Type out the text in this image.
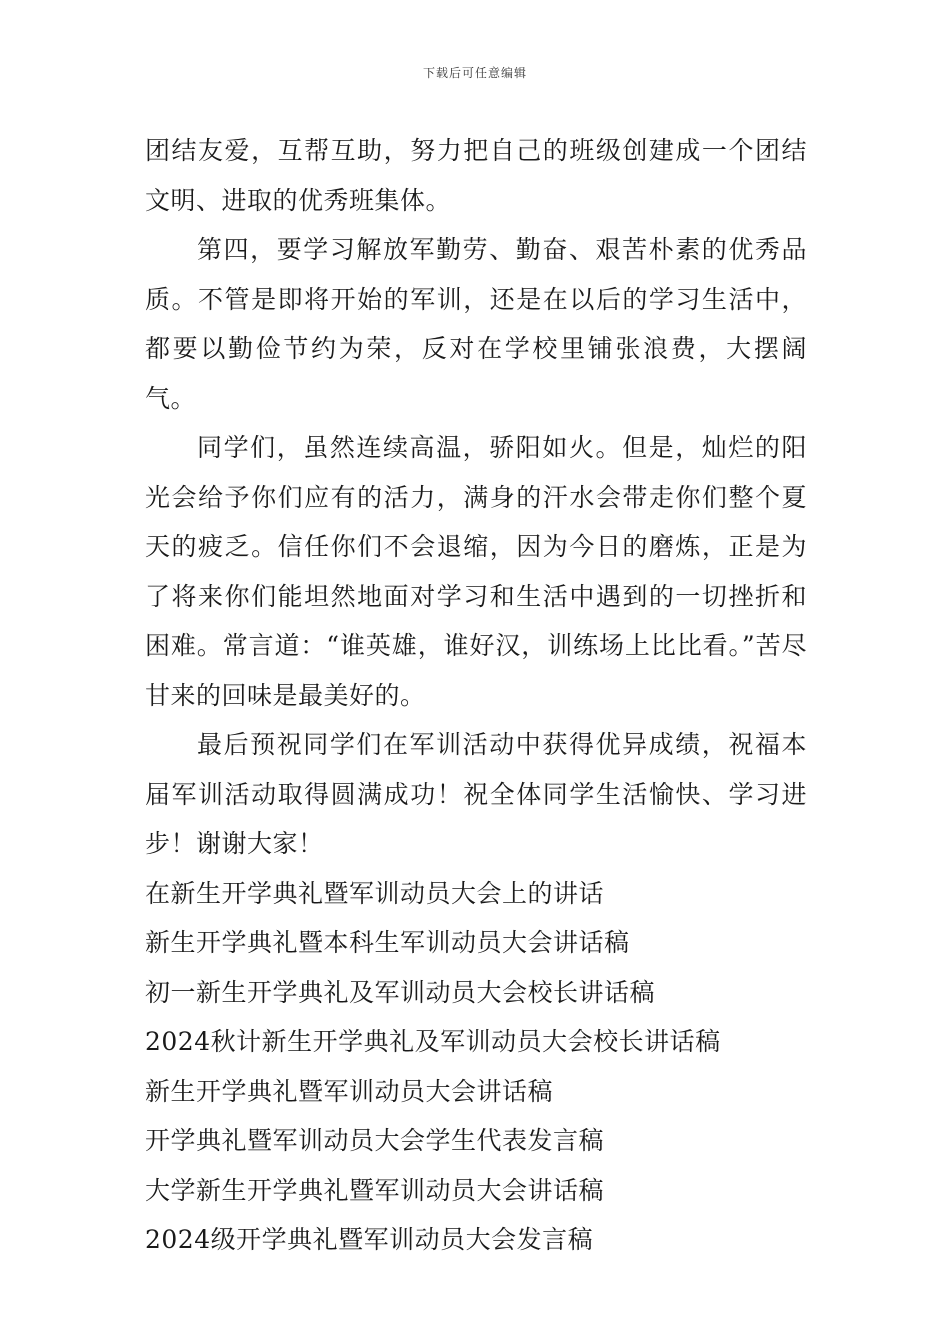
下载后可任意编辑

团结友爱，互帮互助，努力把自己的班级创建成一个团结文明、进取的优秀班集体。

第四，要学习解放军勤劳、勤奋、艰苦朴素的优秀品质。不管是即将开始的军训，还是在以后的学习生活中，都要以勤俭节约为荣，反对在学校里铺张浪费，大摆阔气。

同学们，虽然连续高温，骄阳如火。但是，灿烂的阳光会给予你们应有的活力，满身的汗水会带走你们整个夏天的疲乏。信任你们不会退缩，因为今日的磨炼，正是为了将来你们能坦然地面对学习和生活中遇到的一切挫折和困难。常言道：“谁英雄，谁好汉，训练场上比比看。”苦尽甘来的回味是最美好的。

最后预祝同学们在军训活动中获得优异成绩，祝福本届军训活动取得圆满成功！祝全体同学生活愉快、学习进步！谢谢大家！

在新生开学典礼暨军训动员大会上的讲话
新生开学典礼暨本科生军训动员大会讲话稿
初一新生开学典礼及军训动员大会校长讲话稿
2024秋计新生开学典礼及军训动员大会校长讲话稿
新生开学典礼暨军训动员大会讲话稿
开学典礼暨军训动员大会学生代表发言稿
大学新生开学典礼暨军训动员大会讲话稿
2024级开学典礼暨军训动员大会发言稿
